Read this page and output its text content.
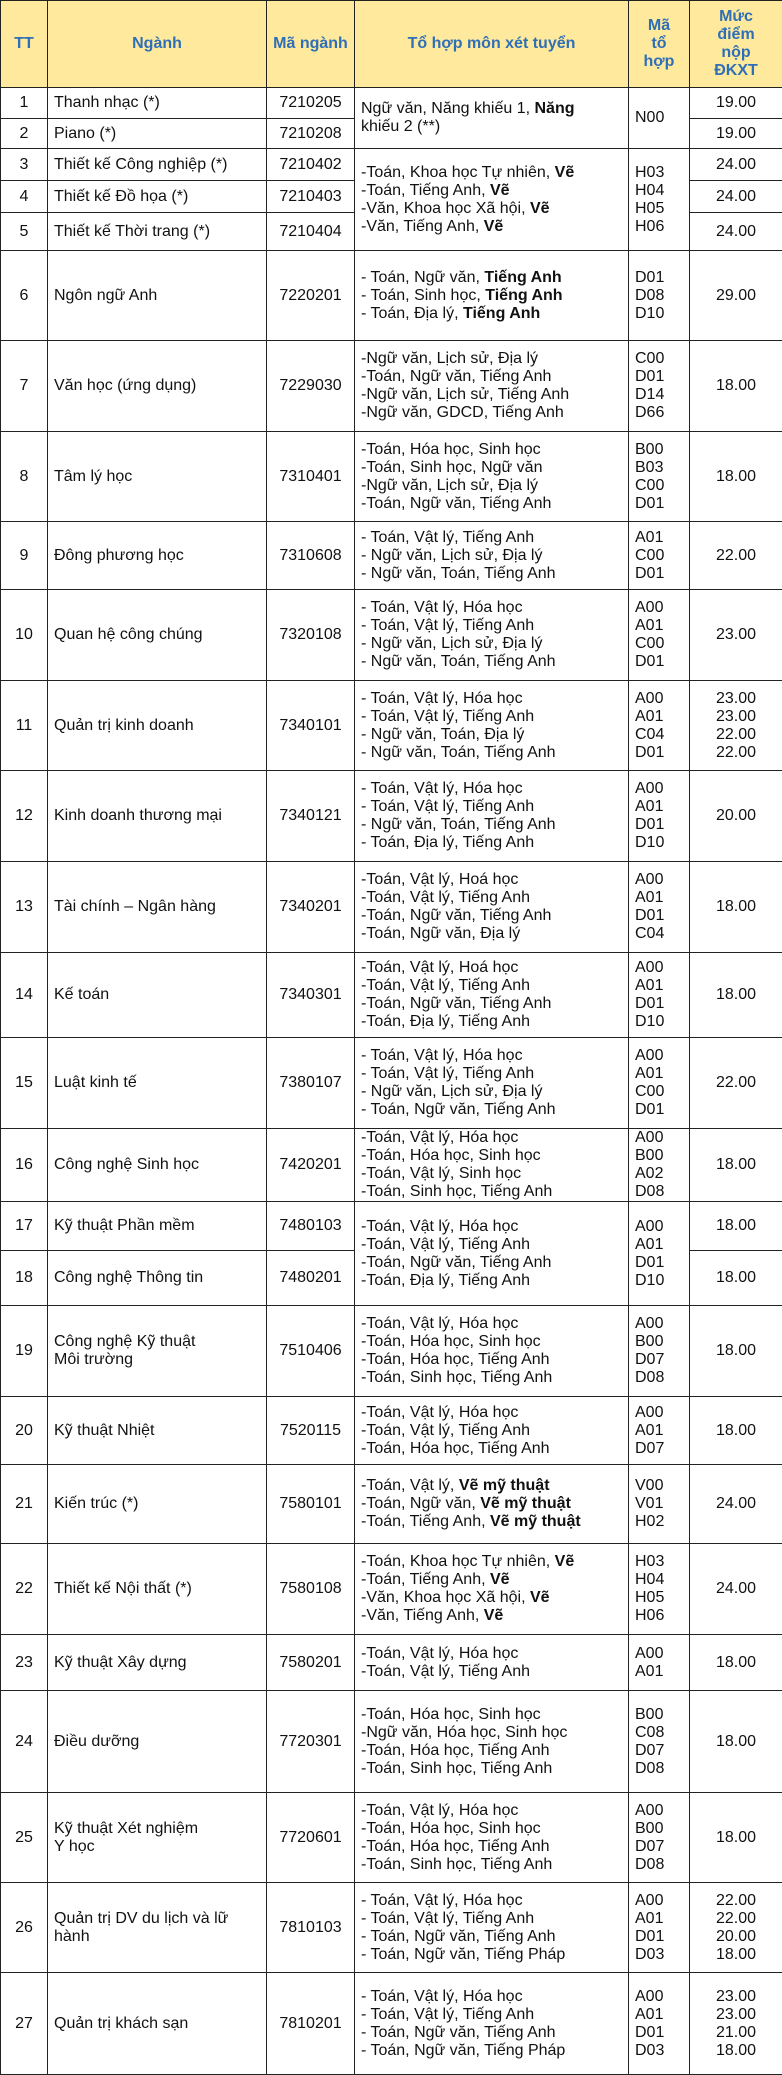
TT	Ngành	Mã ngành	Tổ hợp môn xét tuyển	Mã
tổ
hợp	Mức
điểm
nộp
ĐKXT

1	Thanh nhạc (*)	7210205	Ngữ văn, Năng khiếu 1, Năng
khiếu 2 (**)	N00	19.00
2	Piano (*)	7210208			19.00
3	Thiết kế Công nghiệp (*)	7210402	-Toán, Khoa học Tự nhiên, Vẽ
-Toán, Tiếng Anh, Vẽ
-Văn, Khoa học Xã hội, Vẽ
-Văn, Tiếng Anh, Vẽ	H03
H04
H05
H06	24.00
4	Thiết kế Đồ họa (*)	7210403			24.00
5	Thiết kế Thời trang (*)	7210404			24.00
6	Ngôn ngữ Anh	7220201	- Toán, Ngữ văn, Tiếng Anh
- Toán, Sinh học, Tiếng Anh
- Toán, Địa lý, Tiếng Anh	D01
D08
D10	29.00
7	Văn học (ứng dụng)	7229030	-Ngữ văn, Lịch sử, Địa lý
-Toán, Ngữ văn, Tiếng Anh
-Ngữ văn, Lịch sử, Tiếng Anh
-Ngữ văn, GDCD, Tiếng Anh	C00
D01
D14
D66	18.00
8	Tâm lý học	7310401	-Toán, Hóa học, Sinh học
-Toán, Sinh học, Ngữ văn
-Ngữ văn, Lịch sử, Địa lý
-Toán, Ngữ văn, Tiếng Anh	B00
B03
C00
D01	18.00
9	Đông phương học	7310608	- Toán, Vật lý, Tiếng Anh
- Ngữ văn, Lịch sử, Địa lý
- Ngữ văn, Toán, Tiếng Anh	A01
C00
D01	22.00
10	Quan hệ công chúng	7320108	- Toán, Vật lý, Hóa học
- Toán, Vật lý, Tiếng Anh
- Ngữ văn, Lịch sử, Địa lý
- Ngữ văn, Toán, Tiếng Anh	A00
A01
C00
D01	23.00
11	Quản trị kinh doanh	7340101	- Toán, Vật lý, Hóa học
- Toán, Vật lý, Tiếng Anh
- Ngữ văn, Toán, Địa lý
- Ngữ văn, Toán, Tiếng Anh	A00
A01
C04
D01	23.00
23.00
22.00
22.00

12	Kinh doanh thương mại	7340121	- Toán, Vật lý, Hóa học
- Toán, Vật lý, Tiếng Anh
- Ngữ văn, Toán, Tiếng Anh
- Toán, Địa lý, Tiếng Anh	A00
A01
D01
D10	20.00
13	Tài chính – Ngân hàng	7340201	-Toán, Vật lý, Hoá học
-Toán, Vật lý, Tiếng Anh
-Toán, Ngữ văn, Tiếng Anh
-Toán, Ngữ văn, Địa lý	A00
A01
D01
C04	18.00
14	Kế toán	7340301	-Toán, Vật lý, Hoá học
-Toán, Vật lý, Tiếng Anh
-Toán, Ngữ văn, Tiếng Anh
-Toán, Địa lý, Tiếng Anh	A00
A01
D01
D10	18.00
15	Luật kinh tế	7380107	- Toán, Vật lý, Hóa học
- Toán, Vật lý, Tiếng Anh
- Ngữ văn, Lịch sử, Địa lý
- Toán, Ngữ văn, Tiếng Anh	A00
A01
C00
D01	22.00
16	Công nghệ Sinh học	7420201	-Toán, Vật lý, Hóa học
-Toán, Hóa học, Sinh học
-Toán, Vật lý, Sinh học
-Toán, Sinh học, Tiếng Anh	A00
B00
A02
D08	18.00
17	Kỹ thuật Phần mềm	7480103	-Toán, Vật lý, Hóa học
-Toán, Vật lý, Tiếng Anh
-Toán, Ngữ văn, Tiếng Anh
-Toán, Địa lý, Tiếng Anh	A00
A01
D01
D10	18.00
18	Công nghệ Thông tin	7480201			18.00
19	Công nghệ Kỹ thuật
Môi trường	7510406	-Toán, Vật lý, Hóa học
-Toán, Hóa học, Sinh học
-Toán, Hóa học, Tiếng Anh
-Toán, Sinh học, Tiếng Anh	A00
B00
D07
D08	18.00
20	Kỹ thuật Nhiệt	7520115	-Toán, Vật lý, Hóa học
-Toán, Vật lý, Tiếng Anh
-Toán, Hóa học, Tiếng Anh	A00
A01
D07	18.00
21	Kiến trúc (*)	7580101	-Toán, Vật lý, Vẽ mỹ thuật
-Toán, Ngữ văn, Vẽ mỹ thuật
-Toán, Tiếng Anh, Vẽ mỹ thuật	V00
V01
H02	24.00
22	Thiết kế Nội thất (*)	7580108	-Toán, Khoa học Tự nhiên, Vẽ
-Toán, Tiếng Anh, Vẽ
-Văn, Khoa học Xã hội, Vẽ
-Văn, Tiếng Anh, Vẽ	H03
H04
H05
H06	24.00
23	Kỹ thuật Xây dựng	7580201	-Toán, Vật lý, Hóa học
-Toán, Vật lý, Tiếng Anh	A00
A01	18.00
24	Điều dưỡng	7720301	-Toán, Hóa học, Sinh học
-Ngữ văn, Hóa học, Sinh học
-Toán, Hóa học, Tiếng Anh
-Toán, Sinh học, Tiếng Anh	B00
C08
D07
D08	18.00
25	Kỹ thuật Xét nghiệm
Y học	7720601	-Toán, Vật lý, Hóa học
-Toán, Hóa học, Sinh học
-Toán, Hóa học, Tiếng Anh
-Toán, Sinh học, Tiếng Anh	A00
B00
D07
D08	18.00
26	Quản trị DV du lịch và lữ
hành	7810103	- Toán, Vật lý, Hóa học
- Toán, Vật lý, Tiếng Anh
- Toán, Ngữ văn, Tiếng Anh
- Toán, Ngữ văn, Tiếng Pháp	A00
A01
D01
D03	22.00
22.00
20.00
18.00

27	Quản trị khách sạn	7810201	- Toán, Vật lý, Hóa học
- Toán, Vật lý, Tiếng Anh
- Toán, Ngữ văn, Tiếng Anh
- Toán, Ngữ văn, Tiếng Pháp	A00
A01
D01
D03	23.00
23.00
21.00
18.00
